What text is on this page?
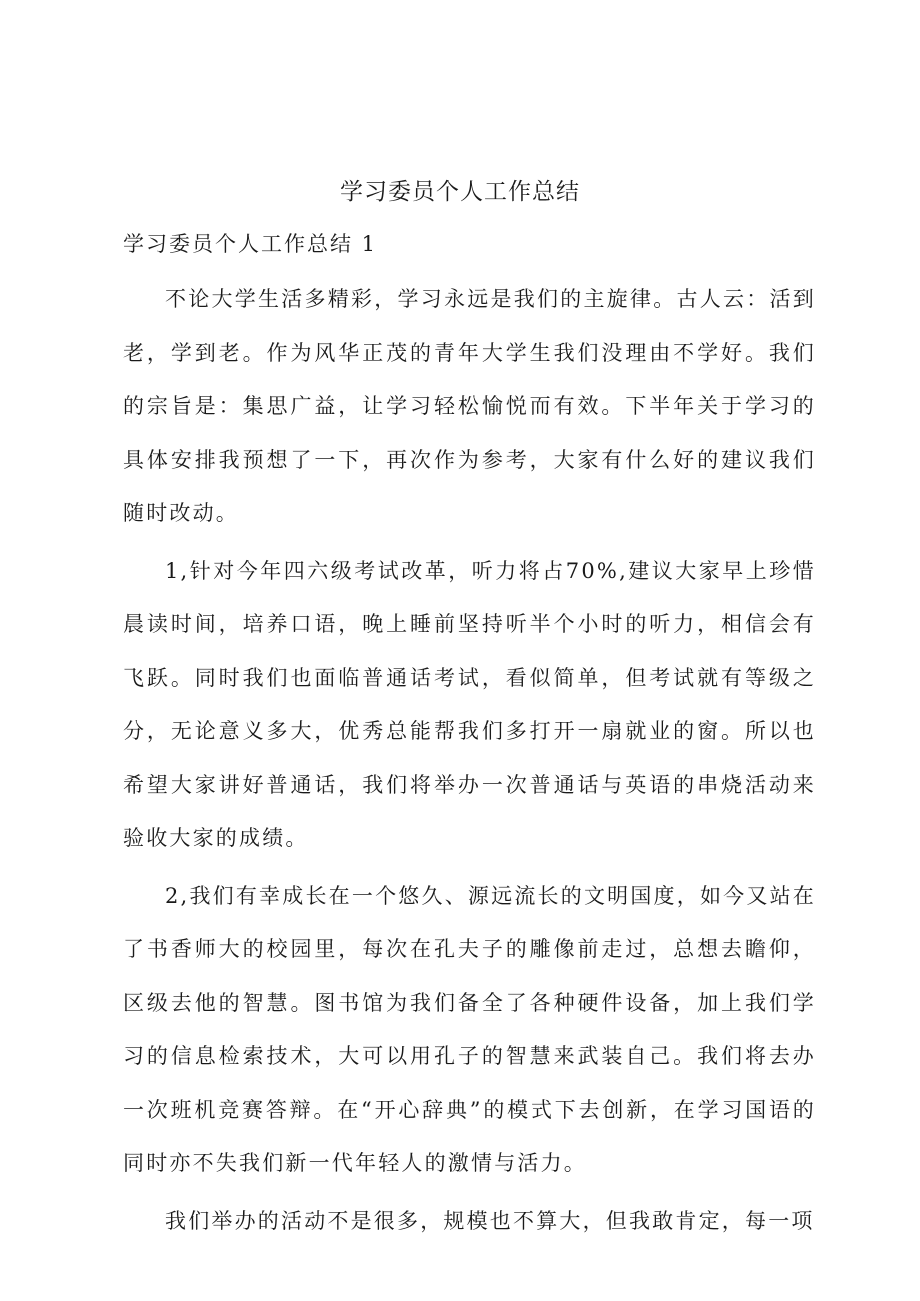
学习委员个人工作总结

学习委员个人工作总结 1

不论大学生活多精彩，学习永远是我们的主旋律。古人云：活到老，学到老。作为风华正茂的青年大学生我们没理由不学好。我们的宗旨是：集思广益，让学习轻松愉悦而有效。下半年关于学习的具体安排我预想了一下，再次作为参考，大家有什么好的建议我们随时改动。

1,针对今年四六级考试改革，听力将占70%,建议大家早上珍惜晨读时间，培养口语，晚上睡前坚持听半个小时的听力，相信会有飞跃。同时我们也面临普通话考试，看似简单，但考试就有等级之分，无论意义多大，优秀总能帮我们多打开一扇就业的窗。所以也希望大家讲好普通话，我们将举办一次普通话与英语的串烧活动来验收大家的成绩。

2,我们有幸成长在一个悠久、源远流长的文明国度，如今又站在了书香师大的校园里，每次在孔夫子的雕像前走过，总想去瞻仰，区级去他的智慧。图书馆为我们备全了各种硬件设备，加上我们学习的信息检索技术，大可以用孔子的智慧来武装自己。我们将去办一次班机竞赛答辩。在“开心辞典”的模式下去创新，在学习国语的同时亦不失我们新一代年轻人的激情与活力。

我们举办的活动不是很多，规模也不算大，但我敢肯定，每一项
